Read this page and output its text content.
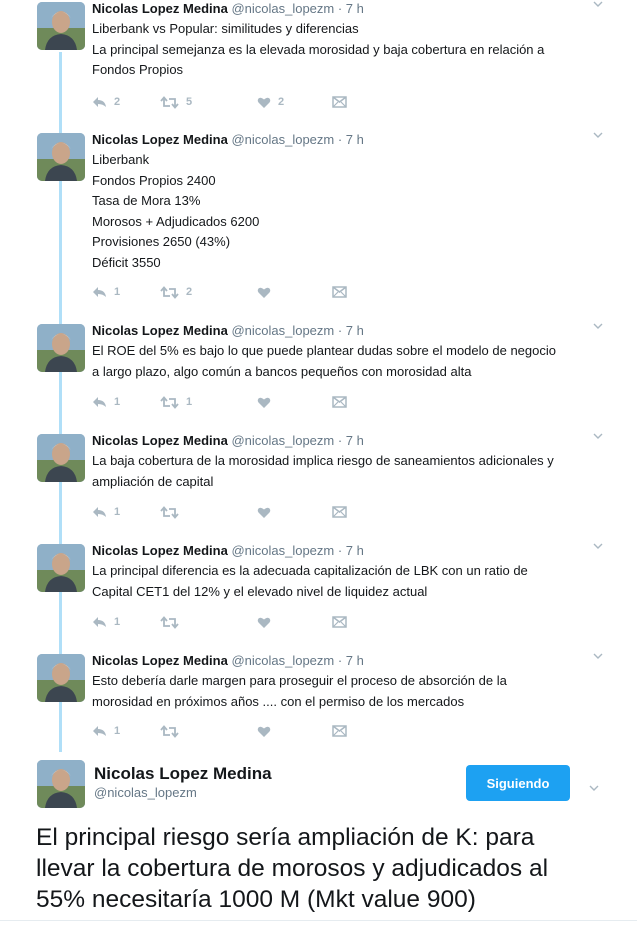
Nicolas Lopez Medina @nicolas_lopezm · 7 h
Liberbank vs Popular: similitudes y diferencias
La principal semejanza es la elevada morosidad y baja cobertura en relación a
Fondos Propios
2	5	2
Nicolas Lopez Medina @nicolas_lopezm · 7 h
Liberbank
Fondos Propios 2400
Tasa de Mora 13%
Morosos + Adjudicados 6200
Provisiones 2650 (43%)
Déficit 3550
1	2
Nicolas Lopez Medina @nicolas_lopezm · 7 h
El ROE del 5% es bajo lo que puede plantear dudas sobre el modelo de negocio
a largo plazo, algo común a bancos pequeños con morosidad alta
1	1
Nicolas Lopez Medina @nicolas_lopezm · 7 h
La baja cobertura de la morosidad implica riesgo de saneamientos adicionales y
ampliación de capital
1
Nicolas Lopez Medina @nicolas_lopezm · 7 h
La principal diferencia es la adecuada capitalización de LBK con un ratio de
Capital CET1 del 12% y el elevado nivel de liquidez actual
1
Nicolas Lopez Medina @nicolas_lopezm · 7 h
Esto debería darle margen para proseguir el proceso de absorción de la
morosidad en próximos años .... con el permiso de los mercados
1
Nicolas Lopez Medina
@nicolas_lopezm
Siguiendo
El principal riesgo sería ampliación de K: para
llevar la cobertura de morosos y adjudicados al
55% necesitaría 1000 M (Mkt value 900)
